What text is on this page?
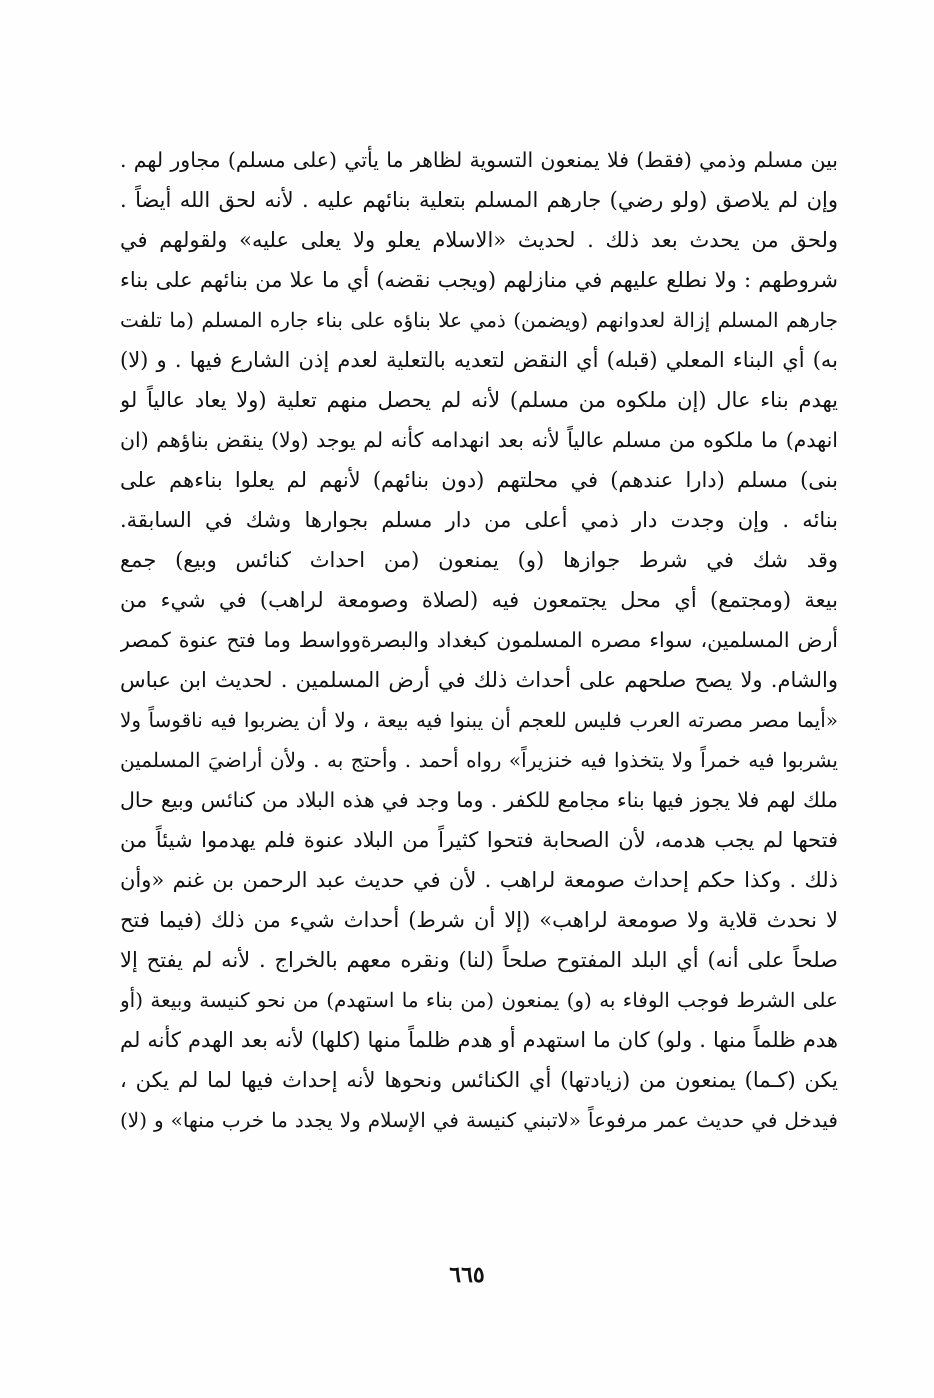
بين مسلم وذمي (فقط) فلا يمنعون التسوية لظاهر ما يأتي (على مسلم) مجاور لهم .
وإن لم يلاصق (ولو رضي) جارهم المسلم بتعلية بنائهم عليه . لأنه لحق الله أيضاً .
ولحق من يحدث بعد ذلك . لحديث «الاسلام يعلو ولا يعلى عليه» ولقولهم في
شروطهم : ولا نطلع عليهم في منازلهم (ويجب نقضه) أي ما علا من بنائهم على بناء
جارهم المسلم إزالة لعدوانهم (ويضمن) ذمي علا بناؤه على بناء جاره المسلم (ما تلفت
به) أي البناء المعلي (قبله) أي النقض لتعديه بالتعلية لعدم إذن الشارع فيها . و (لا)
يهدم بناء عال (إن ملكوه من مسلم) لأنه لم يحصل منهم تعلية (ولا يعاد عالياً لو
انهدم) ما ملكوه من مسلم عالياً لأنه بعد انهدامه كأنه لم يوجد (ولا) ينقض بناؤهم (ان
بنى) مسلم (دارا عندهم) في محلتهم (دون بنائهم) لأنهم لم يعلوا بناءهم على
بنائه . وإن وجدت دار ذمي أعلى من دار مسلم بجوارها وشك في السابقة.
وقد شك في شرط جوازها (و) يمنعون (من احداث كنائس وبيع) جمع
بيعة (ومجتمع) أي محل يجتمعون فيه (لصلاة وصومعة لراهب) في شيء من
أرض المسلمين، سواء مصره المسلمون كبغداد والبصرةوواسط وما فتح عنوة كمصر
والشام. ولا يصح صلحهم على أحداث ذلك في أرض المسلمين . لحديث ابن عباس
«أيما مصر مصرته العرب فليس للعجم أن يبنوا فيه بيعة ، ولا أن يضربوا فيه ناقوساً ولا
يشربوا فيه خمراً ولا يتخذوا فيه خنزيراً» رواه أحمد . وأحتج به . ولأن أراضيَ المسلمين
ملك لهم فلا يجوز فيها بناء مجامع للكفر . وما وجد في هذه البلاد من كنائس وبيع حال
فتحها لم يجب هدمه، لأن الصحابة فتحوا كثيراً من البلاد عنوة فلم يهدموا شيئاً من
ذلك . وكذا حكم إحداث صومعة لراهب . لأن في حديث عبد الرحمن بن غنم «وأن
لا نحدث قلاية ولا صومعة لراهب» (إلا أن شرط) أحداث شيء من ذلك (فيما فتح
صلحاً على أنه) أي البلد المفتوح صلحاً (لنا) ونقره معهم بالخراج . لأنه لم يفتح إلا
على الشرط فوجب الوفاء به (و) يمنعون (من بناء ما استهدم) من نحو كنيسة وبيعة (أو
هدم ظلماً منها . ولو) كان ما استهدم أو هدم ظلماً منها (كلها) لأنه بعد الهدم كأنه لم
يكن (كـما) يمنعون من (زيادتها) أي الكنائس ونحوها لأنه إحداث فيها لما لم يكن ،
فيدخل في حديث عمر مرفوعاً «لاتبني كنيسة في الإسلام ولا يجدد ما خرب منها» و (لا)
٦٦٥
